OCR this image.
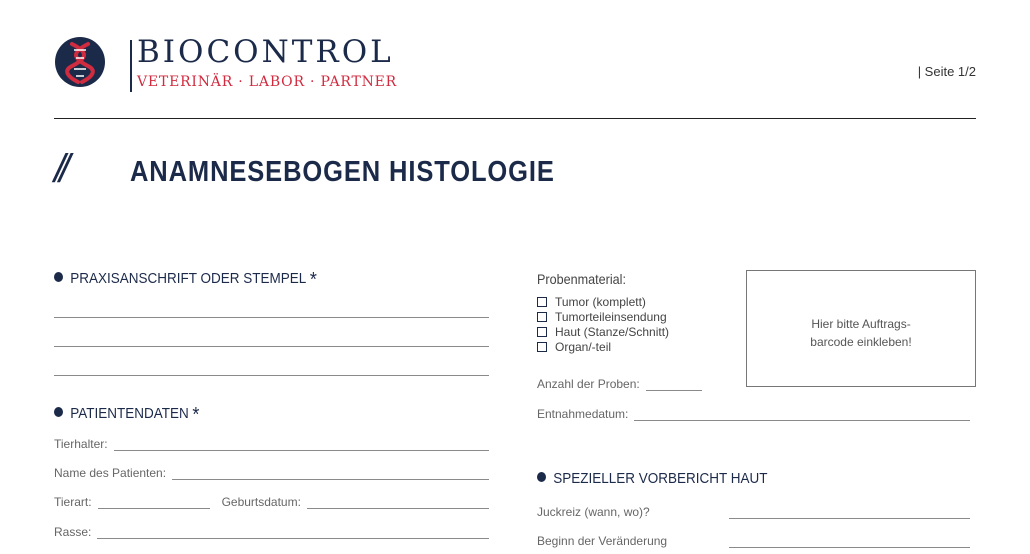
BIOCONTROL
VETERINÄR · LABOR · PARTNER
| Seite 1/2
// ANAMNESEBOGEN HISTOLOGIE
PRAXISANSCHRIFT ODER STEMPEL *
PATIENTENDATEN *
Tierhalter:
Name des Patienten:
Tierart:	Geburtsdatum:
Rasse:
Probenmaterial:
Tumor (komplett)
Tumorteileinsendung
Haut (Stanze/Schnitt)
Organ/-teil
Anzahl der Proben:
Entnahmedatum:
Hier bitte Auftrags-
barcode einkleben!
SPEZIELLER VORBERICHT HAUT
Juckreiz (wann, wo)?
Beginn der Veränderung
